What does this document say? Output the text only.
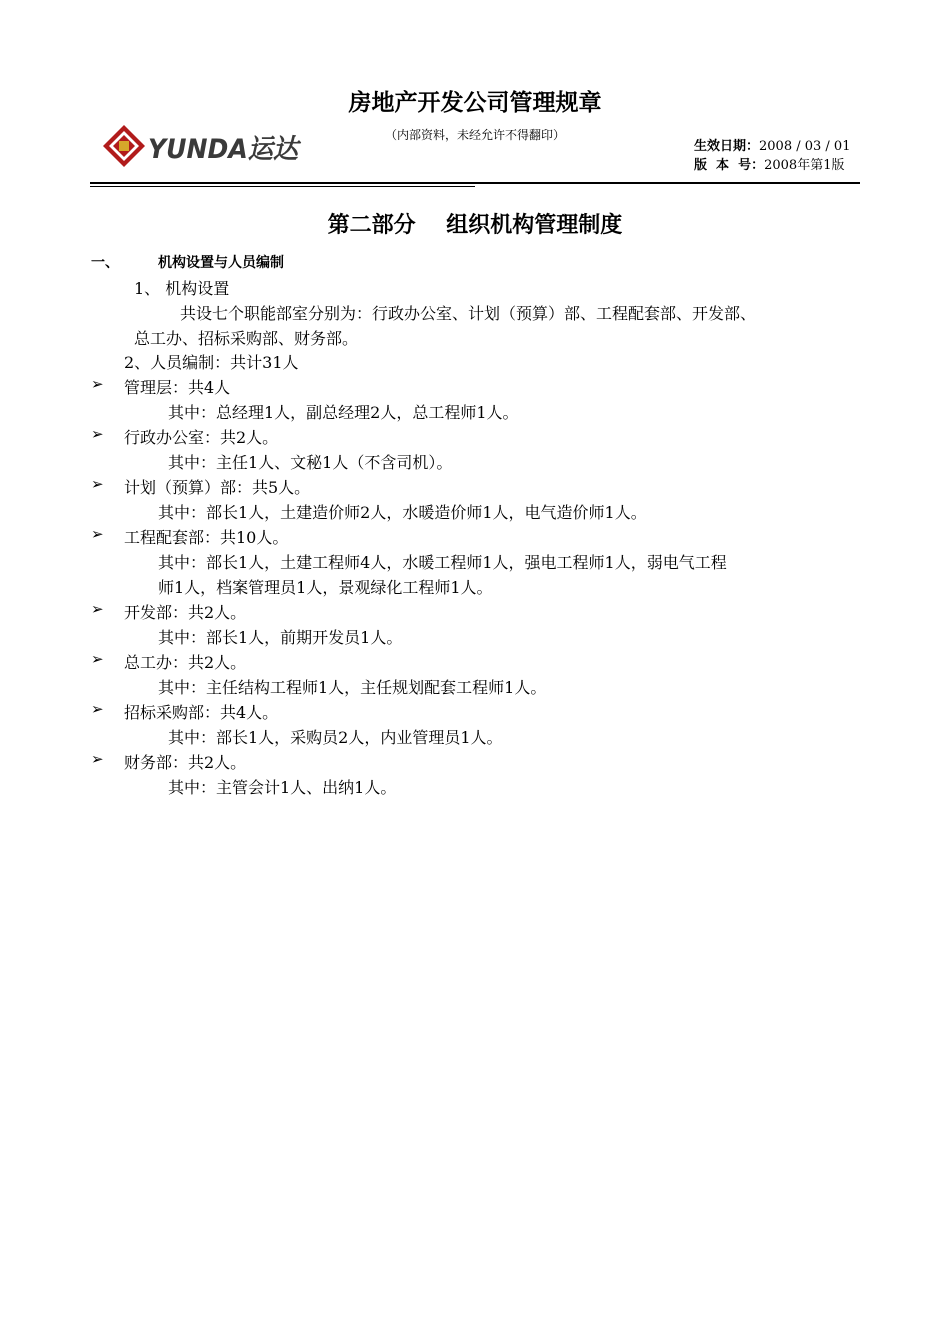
房地产开发公司管理规章
（内部资料，未经允许不得翻印）
YUNDA运达	生效日期：2008 / 03 / 01
版  本  号：2008年第1版
第二部分    组织机构管理制度
一、	机构设置与人员编制
1、 机构设置
共设七个职能部室分别为：行政办公室、计划（预算）部、工程配套部、开发部、
总工办、招标采购部、财务部。
2、人员编制：共计31人
➢ 管理层：共4人
其中：总经理1人，副总经理2人，总工程师1人。
➢ 行政办公室：共2人。
其中：主任1人、文秘1人（不含司机）。
➢ 计划（预算）部：共5人。
其中：部长1人，土建造价师2人，水暖造价师1人，电气造价师1人。
➢ 工程配套部：共10人。
其中：部长1人，土建工程师4人，水暖工程师1人，强电工程师1人，弱电气工程
师1人，档案管理员1人，景观绿化工程师1人。
➢ 开发部：共2人。
其中：部长1人，前期开发员1人。
➢ 总工办：共2人。
其中：主任结构工程师1人，主任规划配套工程师1人。
➢ 招标采购部：共4人。
其中：部长1人，采购员2人，内业管理员1人。
➢ 财务部：共2人。
其中：主管会计1人、出纳1人。
